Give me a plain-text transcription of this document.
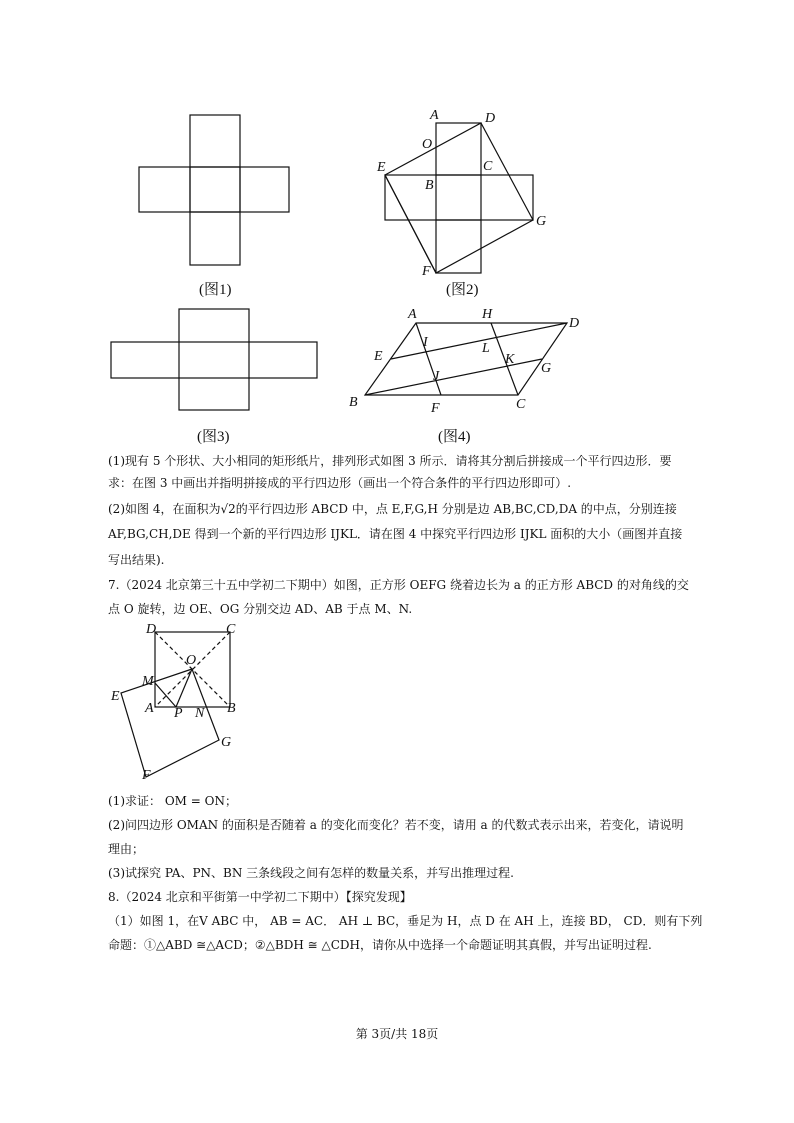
(图1)
A	D
O
C
E
B
G
F
(图2)
(图3)
A	H
D
I
E
L
K
J
G
B	F	C
(图4)
(1)现有 5 个形状、大小相同的矩形纸片，排列形式如图 3 所示．请将其分割后拼接成一个平行四边形．要
求：在图 3 中画出并指明拼接成的平行四边形（画出一个符合条件的平行四边形即可）.
(2)如图 4，在面积为√2的平行四边形 ABCD 中，点 E,F,G,H 分别是边 AB,BC,CD,DA 的中点，分别连接
AF,BG,CH,DE 得到一个新的平行四边形 IJKL．请在图 4 中探究平行四边形 IJKL 面积的大小（画图并直接
写出结果).
7.（2024 北京第三十五中学初二下期中）如图，正方形 OEFG 绕着边长为 a 的正方形 ABCD 的对角线的交
点 O 旋转，边 OE、OG 分别交边 AD、AB 于点 M、N.
D	C
O
M
E
A P N B
G
F
(1)求证： OM = ON；
(2)问四边形 OMAN 的面积是否随着 a 的变化而变化？若不变，请用 a 的代数式表示出来，若变化，请说明
理由；
(3)试探究 PA、PN、BN 三条线段之间有怎样的数量关系，并写出推理过程.
8.（2024 北京和平街第一中学初二下期中）【探究发现】
（1）如图 1，在V ABC 中， AB = AC． AH ⊥ BC，垂足为 H，点 D 在 AH 上，连接 BD， CD．则有下列
命题：①△ABD ≅△ACD；②△BDH ≅ △CDH，请你从中选择一个命题证明其真假，并写出证明过程.
第 3页/共 18页
